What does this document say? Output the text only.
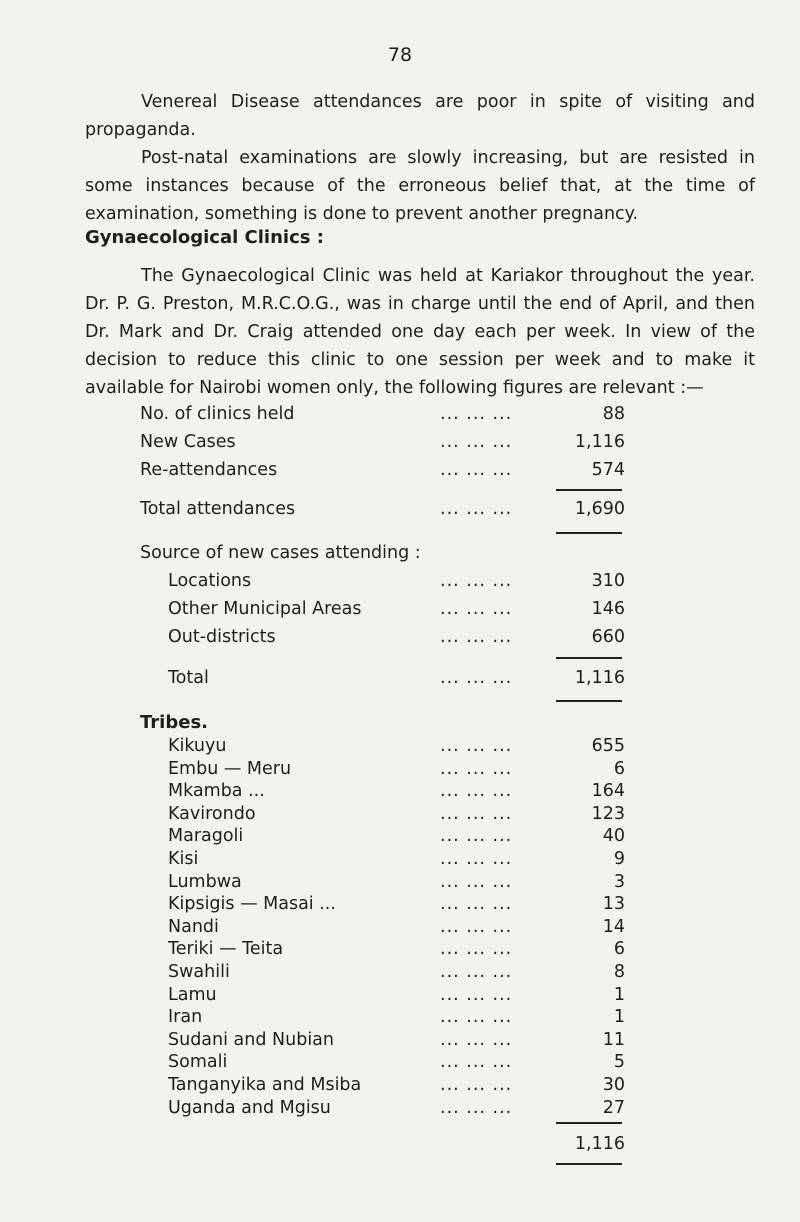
78

Venereal Disease attendances are poor in spite of visiting and propaganda.

Post-natal examinations are slowly increasing, but are resisted in some instances because of the erroneous belief that, at the time of examination, something is done to prevent another pregnancy.

Gynaecological Clinics :

The Gynaecological Clinic was held at Kariakor throughout the year. Dr. P. G. Preston, M.R.C.O.G., was in charge until the end of April, and then Dr. Mark and Dr. Craig attended one day each per week. In view of the decision to reduce this clinic to one session per week and to make it available for Nairobi women only, the following figures are relevant :—

No. of clinics held	... ... ...	88
New Cases	... ... ...	1,116
Re-attendances	... ... ...	574
Total attendances	... ... ...	1,690
Source of new cases attending :
Locations	... ... ...	310
Other Municipal Areas	... ... ...	146
Out-districts	... ... ...	660
Total	... ... ...	1,116
Tribes.
Kikuyu	... ... ...	655
Embu — Meru	... ... ...	6
Mkamba ...	... ... ...	164
Kavirondo	... ... ...	123
Maragoli	... ... ...	40
Kisi	... ... ...	9
Lumbwa	... ... ...	3
Kipsigis — Masai ...	... ... ...	13
Nandi	... ... ...	14
Teriki — Teita	... ... ...	6
Swahili	... ... ...	8
Lamu	... ... ...	1
Iran	... ... ...	1
Sudani and Nubian	... ... ...	11
Somali	... ... ...	5
Tanganyika and Msiba	... ... ...	30
Uganda and Mgisu	... ... ...	27
1,116
